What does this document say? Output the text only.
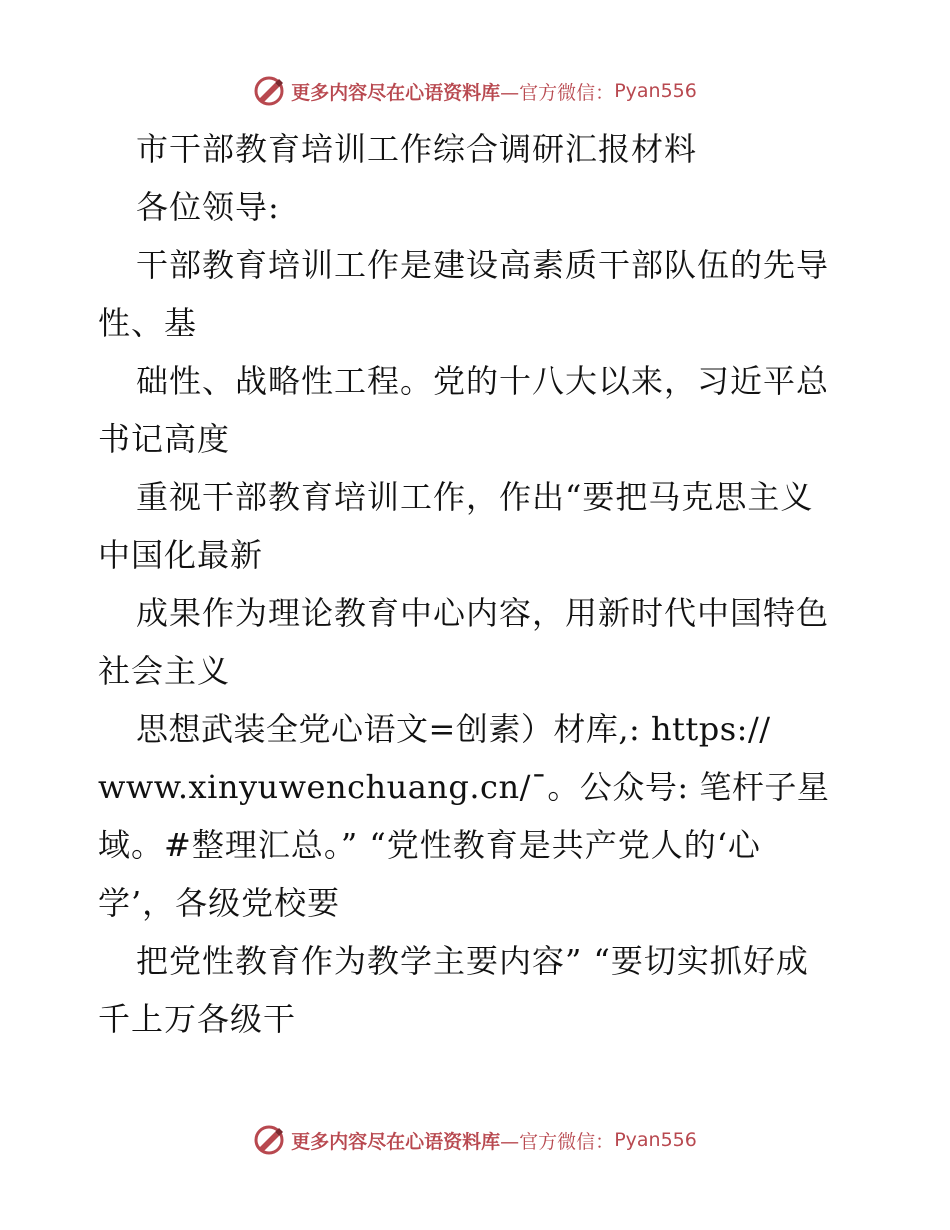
更多内容尽在心语资料库 —官方微信： Pyan556
市干部教育培训工作综合调研汇报材料
各位领导:
干部教育培训工作是建设高素质干部队伍的先导
性、基
础性、战略性工程。党的十八大以来，习近平总
书记高度
重视干部教育培训工作，作出“要把马克思主义
中国化最新
成果作为理论教育中心内容，用新时代中国特色
社会主义
思想武装全党心语文=创素）材库,: https://
www.xinyuwenchuang.cn/¯。公众号: 笔杆子星
域。#整理汇总。” “党性教育是共产党人的‘心
学’，各级党校要
把党性教育作为教学主要内容” “要切实抓好成
千上万各级干
更多内容尽在心语资料库 —官方微信： Pyan556
